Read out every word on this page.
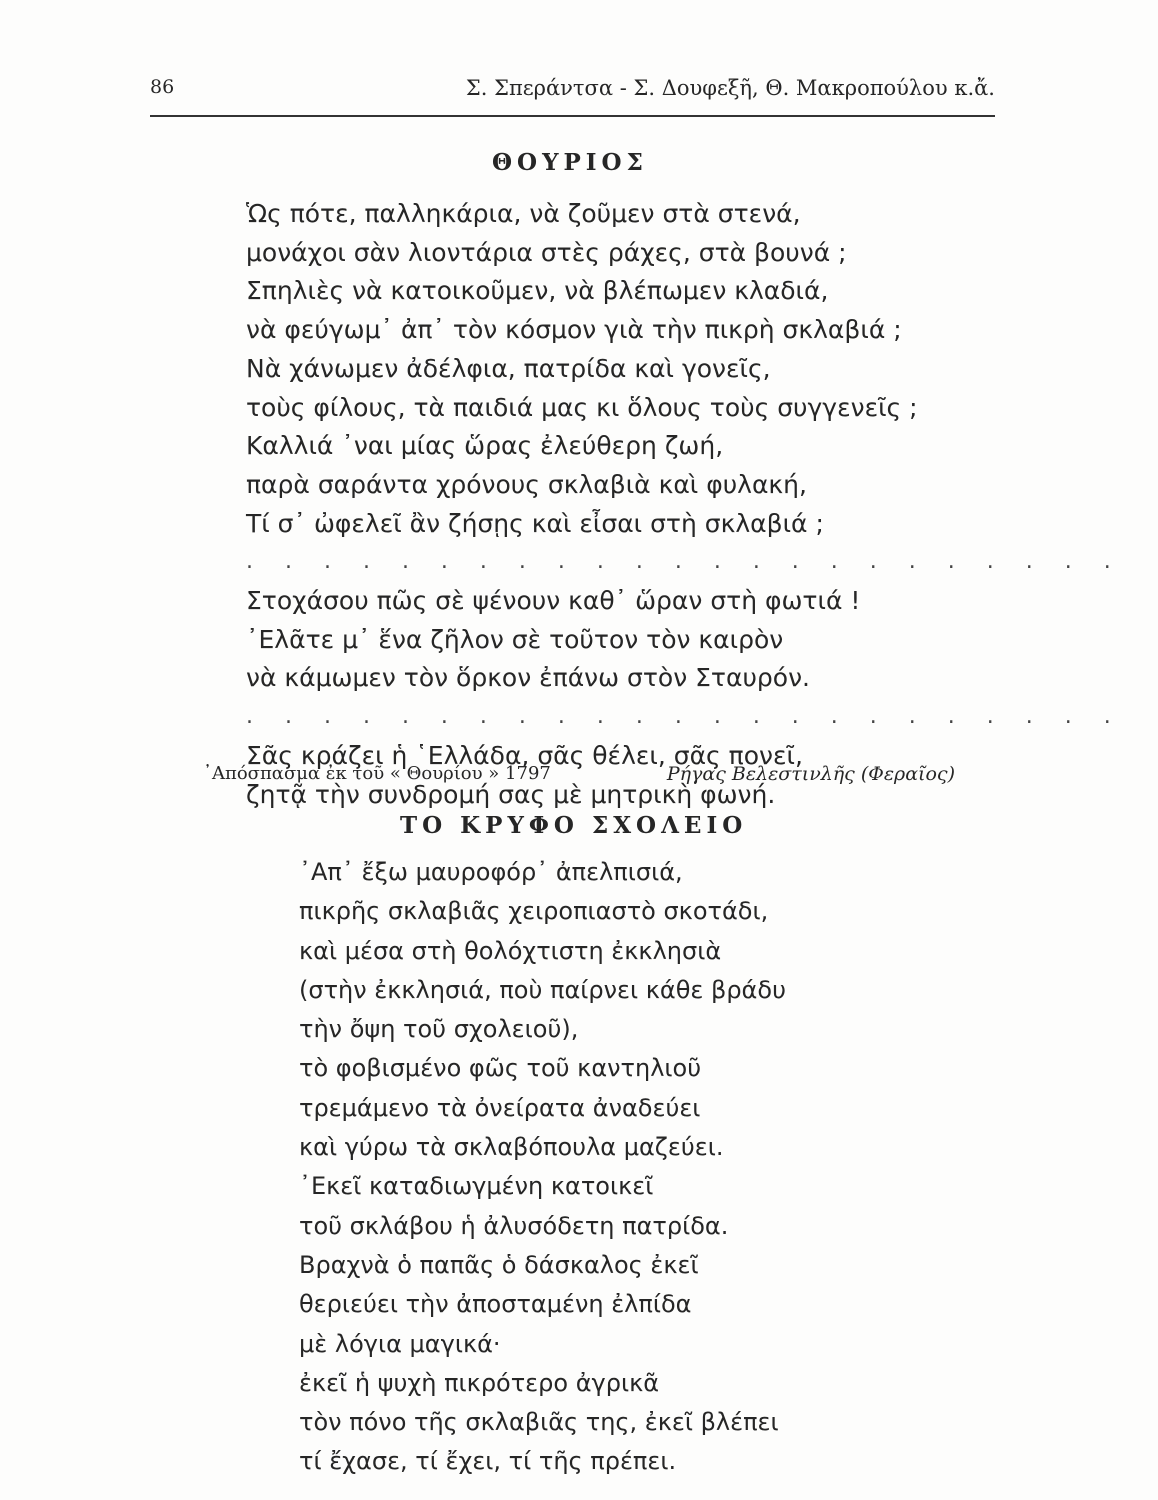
86	Σ. Σπεράντσα - Σ. Δουφεξῆ, Θ. Μακροπούλου κ.ἄ.
ΘΟΥΡΙΟΣ
Ὡς πότε, παλληκάρια, νὰ ζοῦμεν στὰ στενά,
μονάχοι σὰν λιοντάρια στὲς ράχες, στὰ βουνά ;
Σπηλιὲς νὰ κατοικοῦμεν, νὰ βλέπωμεν κλαδιά,
νὰ φεύγωμ᾿ ἀπ᾿ τὸν κόσμον γιὰ τὴν πικρὴ σκλαβιά ;
Νὰ χάνωμεν ἀδέλφια, πατρίδα καὶ γονεῖς,
τοὺς φίλους, τὰ παιδιά μας κι ὅλους τοὺς συγγενεῖς ;
Καλλιά ᾿ναι μίας ὥρας ἐλεύθερη ζωή,
παρὰ σαράντα χρόνους σκλαβιὰ καὶ φυλακή,
Τί σ᾿ ὠφελεῖ ἂν ζήσῃς καὶ εἶσαι στὴ σκλαβιά ;
. . . . . . . . . . . . . . . . . . . . . . .
Στοχάσου πῶς σὲ ψένουν καθ᾿ ὥραν στὴ φωτιά !
᾿Ελᾶτε μ᾿ ἕνα ζῆλον σὲ τοῦτον τὸν καιρὸν
νὰ κάμωμεν τὸν ὅρκον ἐπάνω στὸν Σταυρόν.
. . . . . . . . . . . . . . . . . . . . . . .
Σᾶς κράζει ἡ ῾Ελλάδα, σᾶς θέλει, σᾶς πονεῖ,
ζητᾷ τὴν συνδρομή σας μὲ μητρικὴ φωνή.
᾿Απόσπασμα ἐκ τοῦ « Θουρίου » 1797	Ρήγας Βελεστινλῆς (Φεραῖος)
ΤΟ ΚΡΥΦΟ ΣΧΟΛΕΙΟ
᾿Απ᾿ ἔξω μαυροφόρ᾿ ἀπελπισιά,
πικρῆς σκλαβιᾶς χειροπιαστὸ σκοτάδι,
καὶ μέσα στὴ θολόχτιστη ἐκκλησιὰ
(στὴν ἐκκλησιά, ποὺ παίρνει κάθε βράδυ
τὴν ὄψη τοῦ σχολειοῦ),
τὸ φοβισμένο φῶς τοῦ καντηλιοῦ
τρεμάμενο τὰ ὀνείρατα ἀναδεύει
καὶ γύρω τὰ σκλαβόπουλα μαζεύει.
᾿Εκεῖ καταδιωγμένη κατοικεῖ
τοῦ σκλάβου ἡ ἀλυσόδετη πατρίδα.
Βραχνὰ ὁ παπᾶς ὁ δάσκαλος ἐκεῖ
θεριεύει τὴν ἀποσταμένη ἐλπίδα
μὲ λόγια μαγικά·
ἐκεῖ ἡ ψυχὴ πικρότερο ἀγρικᾶ
τὸν πόνο τῆς σκλαβιᾶς της, ἐκεῖ βλέπει
τί ἔχασε, τί ἔχει, τί τῆς πρέπει.
